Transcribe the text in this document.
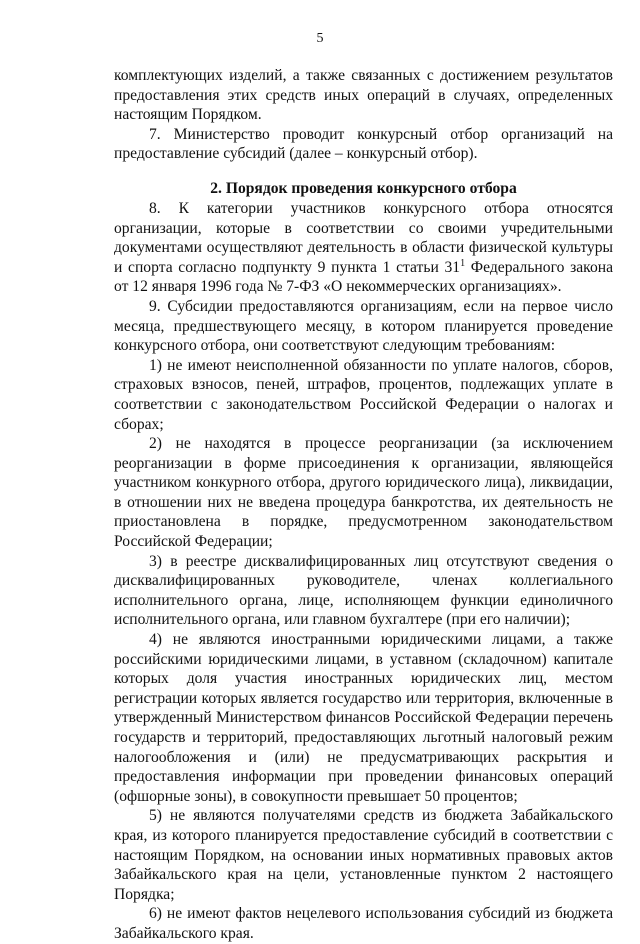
5

комплектующих изделий, а также связанных с достижением результатов предоставления этих средств иных операций в случаях, определенных настоящим Порядком.

7. Министерство проводит конкурсный отбор организаций на предоставление субсидий (далее – конкурсный отбор).

2. Порядок проведения конкурсного отбора

8. К категории участников конкурсного отбора относятся организации, которые в соответствии со своими учредительными документами осуществляют деятельность в области физической культуры и спорта согласно подпункту 9 пункта 1 статьи $31^1$ Федерального закона от 12 января 1996 года № 7-ФЗ «О некоммерческих организациях».

9. Субсидии предоставляются организациям, если на первое число месяца, предшествующего месяцу, в котором планируется проведение конкурсного отбора, они соответствуют следующим требованиям:

1) не имеют неисполненной обязанности по уплате налогов, сборов, страховых взносов, пеней, штрафов, процентов, подлежащих уплате в соответствии с законодательством Российской Федерации о налогах и сборах;

2) не находятся в процессе реорганизации (за исключением реорганизации в форме присоединения к организации, являющейся участником конкурного отбора, другого юридического лица), ликвидации, в отношении них не введена процедура банкротства, их деятельность не приостановлена в порядке, предусмотренном законодательством Российской Федерации;

3) в реестре дисквалифицированных лиц отсутствуют сведения о дисквалифицированных руководителе, членах коллегиального исполнительного органа, лице, исполняющем функции единоличного исполнительного органа, или главном бухгалтере (при его наличии);

4) не являются иностранными юридическими лицами, а также российскими юридическими лицами, в уставном (складочном) капитале которых доля участия иностранных юридических лиц, местом регистрации которых является государство или территория, включенные в утвержденный Министерством финансов Российской Федерации перечень государств и территорий, предоставляющих льготный налоговый режим налогообложения и (или) не предусматривающих раскрытия и предоставления информации при проведении финансовых операций (офшорные зоны), в совокупности превышает 50 процентов;

5) не являются получателями средств из бюджета Забайкальского края, из которого планируется предоставление субсидий в соответствии с настоящим Порядком, на основании иных нормативных правовых актов Забайкальского края на цели, установленные пунктом 2 настоящего Порядка;

6) не имеют фактов нецелевого использования субсидий из бюджета Забайкальского края.
